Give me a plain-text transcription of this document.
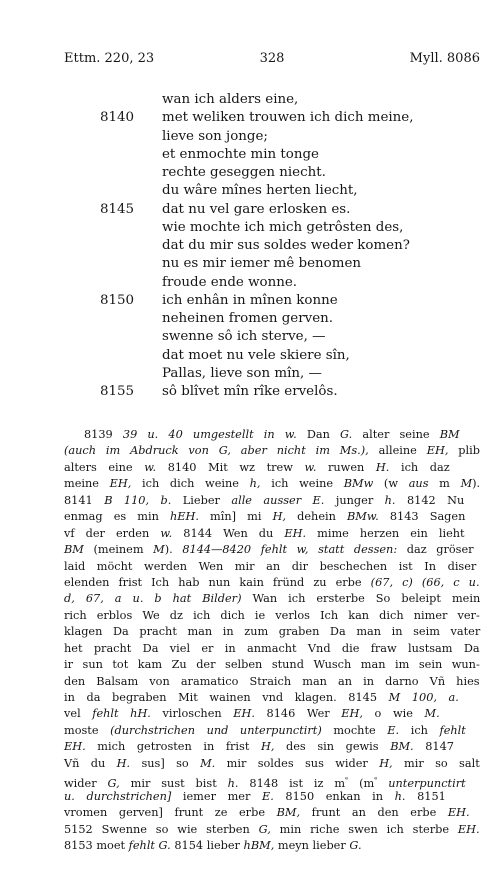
Ettm. 220, 23	328	Myll. 8086
wan ich alders eine,
8140 met weliken trouwen ich dich meine,
lieve son jonge;
et enmochte min tonge
rechte geseggen niecht.
du wâre mînes herten liecht,
8145 dat nu vel gare erlosken es.
wie mochte ich mich getrôsten des,
dat du mir sus soldes weder komen?
nu es mir iemer mê benomen
froude ende wonne.
8150 ich enhân in mînen konne
neheinen fromen gerven.
swenne sô ich sterve, —
dat moet nu vele skiere sîn,
Pallas, lieve son mîn, —
8155 sô blîvet mîn rîke ervelôs.
8139 39 u. 40 umgestellt in w. Dan G. alter seine BM
(auch im Abdruck von G, aber nicht im Ms.), alleine EH, plib
alters eine w. 8140 Mit wz trew w. ruwen H. ich daz
meine EH, ich dich weine h, ich weine BMw (w aus m M).
8141 B 110, b. Lieber alle ausser E. junger h. 8142 Nu
enmag es min hEH. mîn] mi H, dehein BMw. 8143 Sagen
vf der erden w. 8144 Wen du EH. mime herzen ein lieht
BM (meinem M). 8144—8420 fehlt w, statt dessen: daz gröser
laid möcht werden Wen mir an dir beschechen ist In diser
elenden frist Ich hab nun kain fründ zu erbe (67, c) (66, c u.
d, 67, a u. b hat Bilder) Wan ich ersterbe So beleipt mein
rich erblos We dz ich dich ie verlos Ich kan dich nimer ver-
klagen Da pracht man in zum graben Da man in seim vater
het pracht Da viel er in anmacht Vnd die fraw lustsam Da
ir sun tot kam Zu der selben stund Wusch man im sein wun-
den Balsam von aramatico Straich man an in darno Vñ hies
in da begraben Mit wainen vnd klagen. 8145 M 100, a.
vel fehlt hH. virloschen EH. 8146 Wer EH, o wie M.
moste (durchstrichen und unterpunctirt) mochte E. ich fehlt
EH. mich getrosten in frist H, des sin gewis BM. 8147
Vñ du H. sus] so M. mir soldes sus wider H, mir so salt
wider G, mir sust bist h. 8148 ist iz $m^ᵉ$ ($m^ᵉ$ unterpunctirt
u. durchstrichen] iemer mer E. 8150 enkan in h. 8151
vromen gerven] frunt ze erbe BM, frunt an den erbe EH.
5152 Swenne so wie sterben G, min riche swen ich sterbe EH.
8153 moet fehlt G. 8154 lieber hBM, meyn lieber G.
